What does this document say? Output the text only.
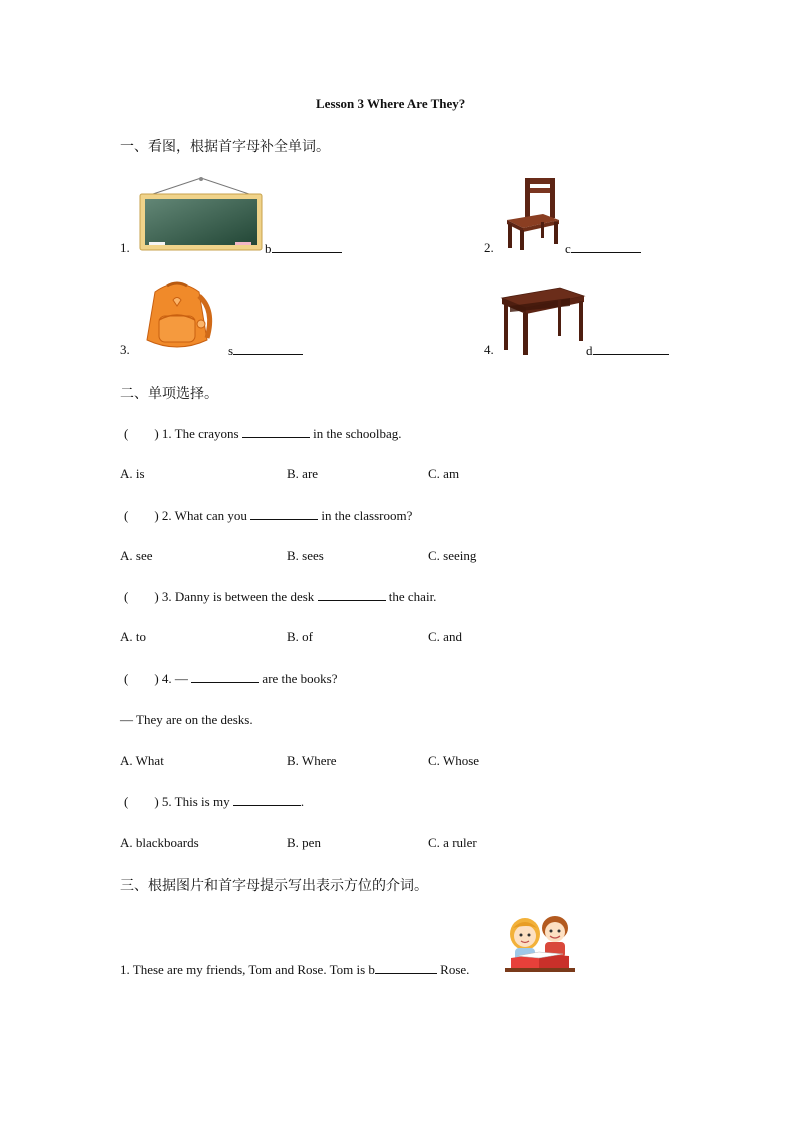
Lesson 3 Where Are They?
一、看图，根据首字母补全单词。
1.	b	2.	c
3.	s	4.	d
二、单项选择。
(        ) 1. The crayons	in the schoolbag.
A. is	B. are	C. am
(        ) 2. What can you	in the classroom?
A. see	B. sees	C. seeing
(        ) 3. Danny is between the desk	the chair.
A. to	B. of	C. and
(        ) 4. —	are the books?
— They are on the desks.
A. What	B. Where	C. Whose
(        ) 5. This is my	.
A. blackboards	B. pen	C. a ruler
三、根据图片和首字母提示写出表示方位的介词。
1. These are my friends, Tom and Rose. Tom is b	Rose.
